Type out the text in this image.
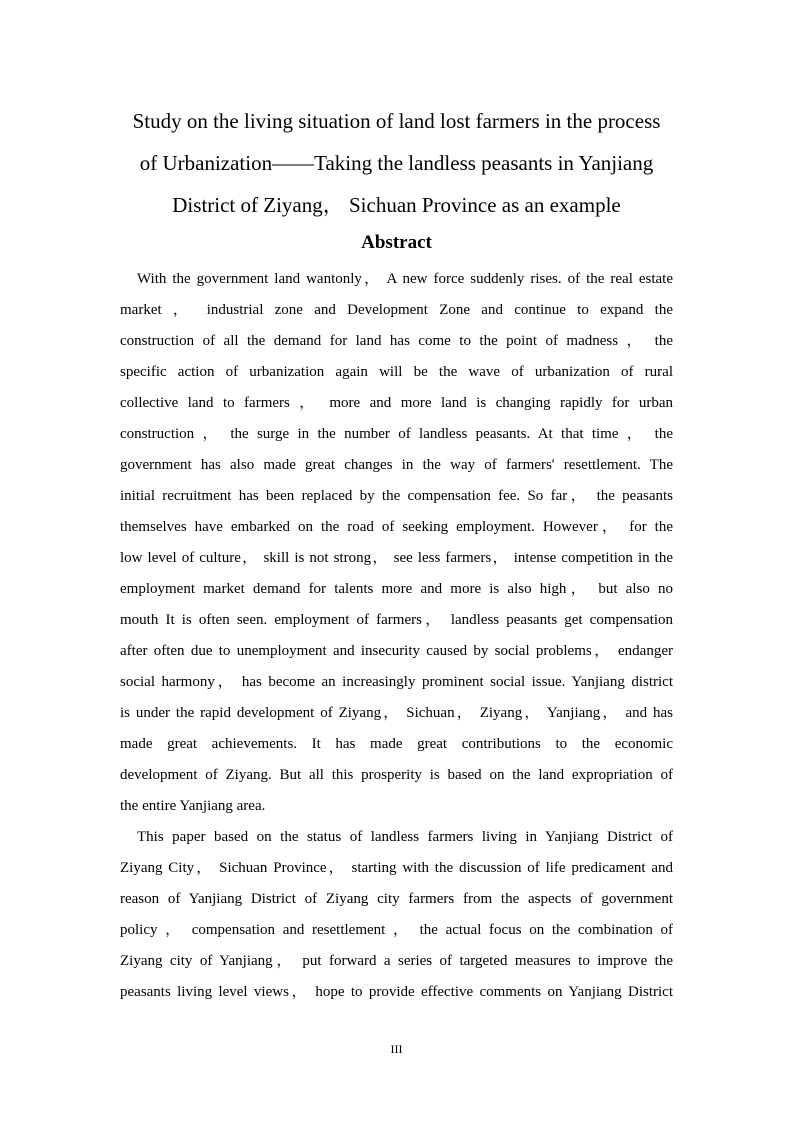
Study on the living situation of land lost farmers in the process
of Urbanization——Taking the landless peasants in Yanjiang
District of Ziyang， Sichuan Province as an example
Abstract
With the government land wantonly， A new force suddenly rises. of the real estate
market ， industrial zone and Development Zone and continue to expand the
construction of all the demand for land has come to the point of madness ， the
specific action of urbanization again will be the wave of urbanization of rural
collective land to farmers ， more and more land is changing rapidly for urban
construction ， the surge in the number of landless peasants. At that time ， the
government has also made great changes in the way of farmers' resettlement. The
initial recruitment has been replaced by the compensation fee. So far， the peasants
themselves have embarked on the road of seeking employment. However， for the
low level of culture， skill is not strong， see less farmers， intense competition in the
employment market demand for talents more and more is also high， but also no
mouth It is often seen. employment of farmers， landless peasants get compensation
after often due to unemployment and insecurity caused by social problems， endanger
social harmony， has become an increasingly prominent social issue. Yanjiang district
is under the rapid development of Ziyang， Sichuan， Ziyang， Yanjiang， and has
made great achievements. It has made great contributions to the economic
development of Ziyang. But all this prosperity is based on the land expropriation of
the entire Yanjiang area.
This paper based on the status of landless farmers living in Yanjiang District of
Ziyang City， Sichuan Province， starting with the discussion of life predicament and
reason of Yanjiang District of Ziyang city farmers from the aspects of government
policy ， compensation and resettlement ， the actual focus on the combination of
Ziyang city of Yanjiang， put forward a series of targeted measures to improve the
peasants living level views， hope to provide effective comments on Yanjiang District
III
